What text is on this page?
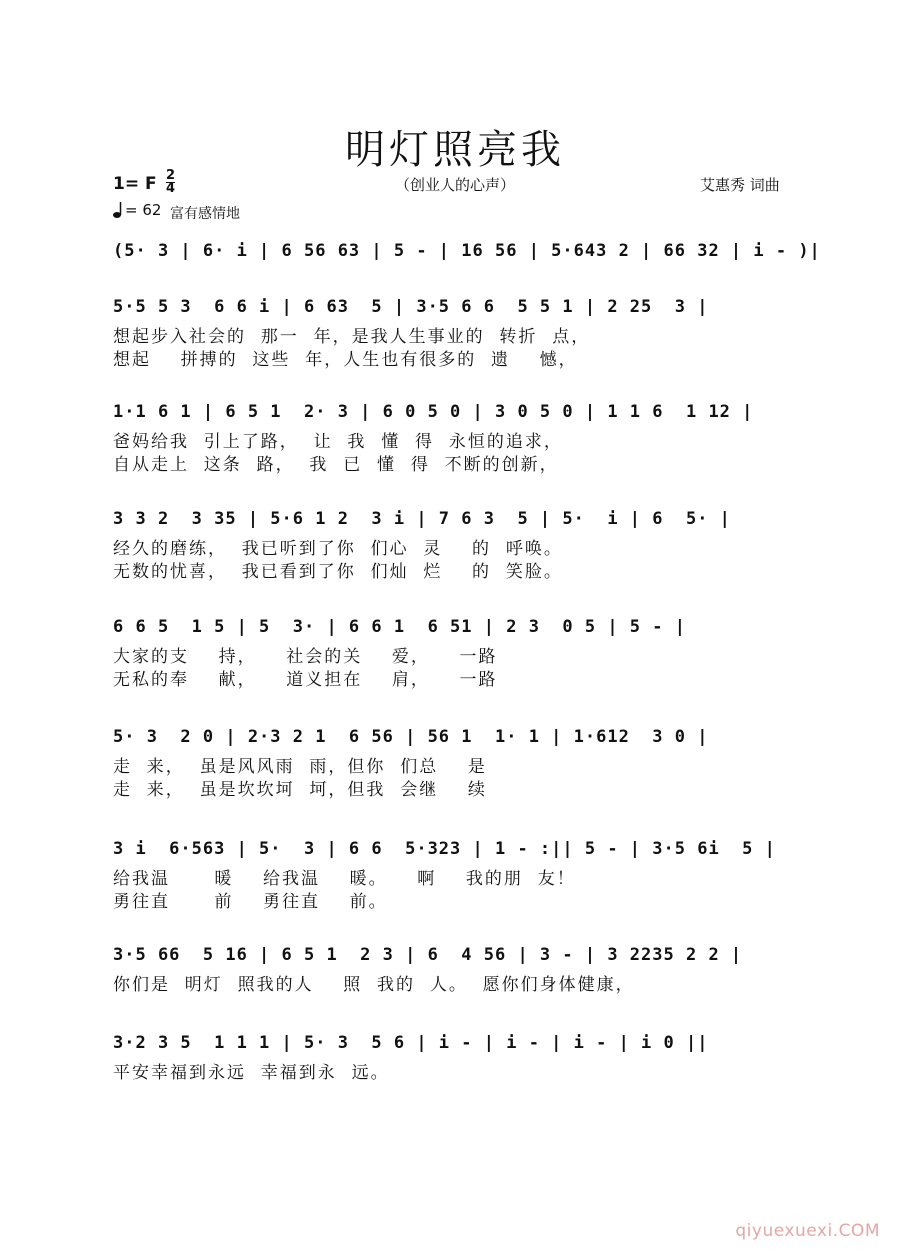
明灯照亮我
1= F $\frac{2}{4}$
= 62 富有感情地
（创业人的心声）	艾惠秀 词曲
(5· 3 | 6· i | 6 56 63 | 5 - | 16 56 | 5·643 2 | 66 32 | i - )|
5·5 5 3  6 6 i | 6 63  5 | 3·5 6 6  5 5 1 | 2 25  3 |
想起步入社会的  那一  年，是我人生事业的  转折  点，
想起    拼搏的  这些  年，人生也有很多的  遗    憾，
1·1 6 1 | 6 5 1  2· 3 | 6 0 5 0 | 3 0 5 0 | 1 1 6  1 12 |
爸妈给我  引上了路，  让  我  懂  得  永恒的追求，
自从走上  这条  路，  我  已  懂  得  不断的创新，
3 3 2  3 35 | 5·6 1 2  3 i | 7 6 3  5 | 5·  i | 6  5· |
经久的磨练，  我已听到了你  们心  灵    的  呼唤。
无数的忧喜，  我已看到了你  们灿  烂    的  笑脸。
6 6 5  1 5 | 5  3· | 6 6 1  6 51 | 2 3  0 5 | 5 - |
大家的支    持，    社会的关    爱，    一路
无私的奉    献，    道义担在    肩，    一路
5· 3  2 0 | 2·3 2 1  6 56 | 56 1  1· 1 | 1·612  3 0 |
走  来，  虽是风风雨  雨，但你  们总    是
走  来，  虽是坎坎坷  坷，但我  会继    续
3 i  6·563 | 5·  3 | 6 6  5·323 | 1 - :|| 5 - | 3·5 6i  5 |
给我温      暖    给我温    暖。    啊    我的朋  友！
勇往直      前    勇往直    前。
3·5 66  5 16 | 6 5 1  2 3 | 6  4 56 | 3 - | 3 2235 2 2 |
你们是  明灯  照我的人    照  我的  人。  愿你们身体健康，
3·2 3 5  1 1 1 | 5· 3  5 6 | i - | i - | i - | i 0 ||
平安幸福到永远  幸福到永  远。
qiyuexuexi.COM
